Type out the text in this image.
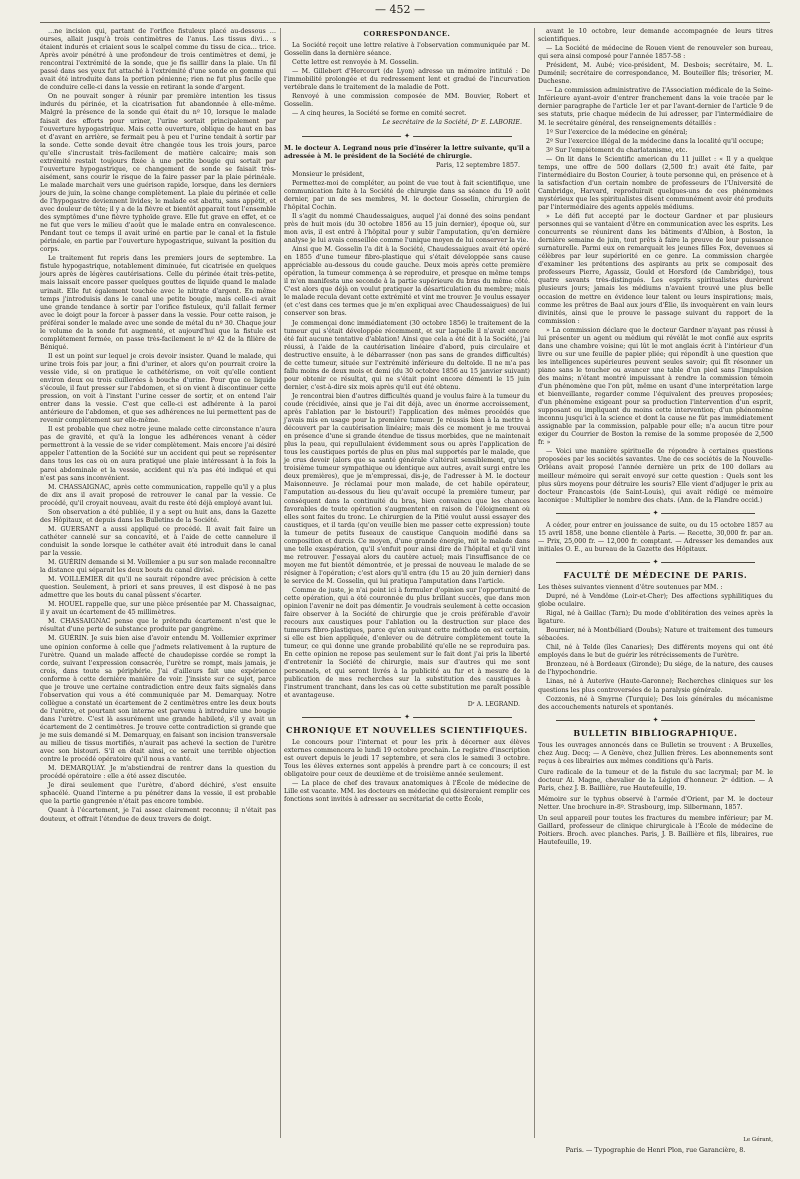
— 452 —

…ne incision qui, partant de l'orifice fistuleux placé au-dessous …ourses, allait jusqu'à trois centimètres de l'anus. Les tissus divi… s étaient indurés et criaient sous le scalpel comme du tissu de cica… trice. Après avoir pénétré à une profondeur de trois centimètres et demi, je rencontrai l'extrémité de la sonde, que je fis saillir dans la plaie. Un fil passé dans ses yeux fut attaché à l'extrémité d'une sonde en gomme qui avait été introduite dans la portion pénienne; rien ne fut plus facile que de conduire celle-ci dans la vessie en retirant la sonde d'argent.

On ne pouvait songer à réunir par première intention les tissus indurés du périnée, et la cicatrisation fut abandonnée à elle-même. Malgré la présence de la sonde qui était du nº 10, lorsque le malade faisait des efforts pour uriner, l'urine sortait principalement par l'ouverture hypogastrique. Mais cette ouverture, oblique de haut en bas et d'avant en arrière, se fermait peu à peu et l'urine tendait à sortir par la sonde. Cette sonde devait être changée tous les trois jours, parce qu'elle s'incrustait très-facilement de matière calcaire; mais son extrémité restait toujours fixée à une petite bougie qui sortait par l'ouverture hypogastrique, ce changement de sonde se faisait très-aisément, sans courir le risque de la faire passer par la plaie périnéale. Le malade marchait vers une guérison rapide, lorsque, dans les derniers jours de juin, la scène change complètement. La plaie du périnée et celle de l'hypogastre deviennent livides; le malade est abattu, sans appétit, et avec douleur de tête; il y a de la fièvre et bientôt apparait tout l'ensemble des symptômes d'une fièvre typhoïde grave. Elle fut grave en effet, et ce ne fut que vers le milieu d'août que le malade entra en convalescence. Pendant tout ce temps il avait uriné en partie par le canal et la fistule périnéale, en partie par l'ouverture hypogastrique, suivant la position du corps.

Le traitement fut repris dans les premiers jours de septembre. La fistule hypogastrique, notablement diminuée, fut cicatrisée en quelques jours après de légères cautérisations. Celle du périnée était très-petite, mais laissait encore passer quelques gouttes de liquide quand le malade urinait. Elle fut également touchée avec le nitrate d'argent. En même temps j'introduisis dans le canal une petite bougie, mais celle-ci avait une grande tendance à sortir par l'orifice fistuleux, qu'il fallait fermer avec le doigt pour la forcer à passer dans la vessie. Pour cette raison, je préférai sonder le malade avec une sonde de métal du nº 30. Chaque jour le volume de la sonde fut augmenté, et aujourd'hui que la fistule est complétement fermée, on passe très-facilement le nº 42 de la filière de Béniqué.

Il est un point sur lequel je crois devoir insister. Quand le malade, qui urine trois fois par jour, a fini d'uriner, et alors qu'on pourrait croire la vessie vide, si on pratique le cathétérisme, on voit qu'elle contient environ deux ou trois cuillerées à bouche d'urine. Pour que ce liquide s'écoule, il faut presser sur l'abdomen, et si on vient à discontinuer cette pression, on voit à l'instant l'urine cesser de sortir, et on entend l'air entrer dans la vessie. C'est que celle-ci est adhérente à la paroi antérieure de l'abdomen, et que ses adhérences ne lui permettent pas de revenir complètement sur elle-même.

Il est probable que chez notre jeune malade cette circonstance n'aura pas de gravité, et qu'à la longue les adhérences venant à céder permettront à la vessie de se vider complètement. Mais encore j'ai désiré appeler l'attention de la Société sur un accident qui peut se représenter dans tous les cas où on aura pratiqué une plaie intéressant à la fois la paroi abdominale et la vessie, accident qui n'a pas été indiqué et qui n'est pas sans inconvénient.

M. CHASSAIGNAC, après cette communication, rappelle qu'il y a plus de dix ans il avait proposé de retrouver le canal par la vessie. Ce procédé, qu'il croyait nouveau, avait du reste été déjà employé avant lui.

Son observation a été publiée, il y a sept ou huit ans, dans la Gazette des Hôpitaux, et depuis dans les Bulletins de la Société.

M. GUERSANT a aussi appliqué ce procédé. Il avait fait faire un cathéter cannelé sur sa concavité, et à l'aide de cette cannelure il conduisit la sonde lorsque le cathéter avait été introduit dans le canal par la vessie.

M. GUÉRIN demande si M. Voillemier a pu sur son malade reconnaître la distance qui séparait les deux bouts du canal divisé.

M. VOILLEMIER dit qu'il ne saurait répondre avec précision à cette question. Seulement, à priori et sans preuves, il est disposé à ne pas admettre que les bouts du canal pûssent s'écarter.

M. HOUEL rappelle que, sur une pièce présentée par M. Chassaignac, il y avait un écartement de 45 millimètres.

M. CHASSAIGNAC pense que le prétendu écartement n'est que le résultat d'une perte de substance produite par gangrène.

M. GUÉRIN. Je suis bien aise d'avoir entendu M. Voillemier exprimer une opinion conforme à celle que j'admets relativement à la rupture de l'urètre. Quand un malade affecté de chaudepisse cordée se rompt la corde, suivant l'expression consacrée, l'urètre se rompt, mais jamais, je crois, dans toute sa périphérie. J'ai d'ailleurs fait une expérience conforme à cette dernière manière de voir. J'insiste sur ce sujet, parce que je trouve une certaine contradiction entre deux faits signalés dans l'observation qui vous a été communiquée par M. Demarquay. Notre collègue a constaté un écartement de 2 centimètres entre les deux bouts de l'urètre, et pourtant son interne est parvenu à introduire une bougie dans l'urètre. C'est là assurément une grande habileté, s'il y avait un écartement de 2 centimètres. Je trouve cette contradiction si grande que je me suis demandé si M. Demarquay, en faisant son incision transversale au milieu de tissus mortifiés, n'aurait pas achevé la section de l'urètre avec son bistouri. S'il en était ainsi, ce serait une terrible objection contre le procédé opératoire qu'il nous a vanté.

M. DEMARQUAY. Je m'abstiendrai de rentrer dans la question du procédé opératoire : elle a été assez discutée.

Je dirai seulement que l'urètre, d'abord déchiré, s'est ensuite sphacélé. Quand l'interne a pu pénétrer dans la vessie, il est probable que la partie gangrenée n'était pas encore tombée.

Quant à l'écartement, je l'ai assez clairement reconnu; il n'était pas douteux, et offrait l'étendue de deux travers de doigt.

CORRESPONDANCE.

La Société reçoit une lettre relative à l'observation communiquée par M. Gosselin dans la dernière séance.

Cette lettre est renvoyée à M. Gosselin.

— M. Gillebert d'Hercourt (de Lyon) adresse un mémoire intitulé : De l'immobilité prolongée et du redressement lent et gradué de l'incurvation vertébrale dans le traitement de la maladie de Pott.

Renvoyé à une commission composée de MM. Bouvier, Robert et Gosselin.

— A cinq heures, la Société se forme en comité secret.

Le secrétaire de la Société, Dʳ E. LABORIE.

✦

M. le docteur A. Legrand nous prie d'insérer la lettre suivante, qu'il a adressée à M. le président de la Société de chirurgie.

Paris, 12 septembre 1857.

Monsieur le président,

Permettez-moi de compléter, au point de vue tout à fait scientifique, une communication faite à la Société de chirurgie dans sa séance du 19 août dernier, par un de ses membres, M. le docteur Gosselin, chirurgien de l'hôpital Cochin.

Il s'agit du nommé Chaudessaigues, auquel j'ai donné des soins pendant près de huit mois (du 30 octobre 1856 au 15 juin dernier), époque où, sur mon avis, il est entré à l'hôpital pour y subir l'amputation, qu'en dernière analyse je lui avais conseillée comme l'unique moyen de lui conserver la vie.

Ainsi que M. Gosselin l'a dit à la Société, Chaudessaigues avait été opéré en 1855 d'une tumeur fibro-plastique qui s'était développée sans cause appréciable au-dessous du coude gauche. Deux mois après cette première opération, la tumeur commença à se reproduire, et presque en même temps il m'en manifesta une seconde à la partie supérieure du bras du même côté. C'est alors que déjà on voulut pratiquer la désarticulation du membre; mais le malade recula devant cette extrémité et vint me trouver. Je voulus essayer (et c'est dans ces termes que je m'en expliquai avec Chaudessaigues) de lui conserver son bras.

Je commençai donc immédiatement (30 octobre 1856) le traitement de la tumeur qui s'était développée récemment, et sur laquelle il n'avait encore été fait aucune tentative d'ablation! Ainsi que cela a été dit à la Société, j'ai réussi, à l'aide de la cautérisation linéaire d'abord, puis circulaire et destructive ensuite, à le débarrasser (non pas sans de grandes difficultés) de cette tumeur, située sur l'extrémité inférieure du deltoïde. Il ne m'a pas fallu moins de deux mois et demi (du 30 octobre 1856 au 15 janvier suivant) pour obtenir ce résultat, qui ne s'était point encore démenti le 15 juin dernier, c'est-à-dire six mois après qu'il eut été obtenu.

Je rencontrai bien d'autres difficultés quand je voulus faire à la tumeur du coude (récidivée, ainsi que je l'ai dit déjà, avec un énorme accroissement, après l'ablation par le bistouri!) l'application des mêmes procédés que j'avais mis en usage pour la première tumeur. Je réussis bien à la mettre à découvert par la cautérisation linéaire; mais dès ce moment je me trouvai en présence d'une si grande étendue de tissus morbides, que ne maintenait plus la peau, qui repullulaient évidemment sous ou après l'application de tous les caustiques portés de plus en plus mal supportés par le malade, que je crus devoir (alors que sa santé générale s'altérait sensiblement, qu'une troisième tumeur sympathique ou identique aux autres, avait surgi entre les deux premières), que je m'empressai, dis-je, de l'adresser à M. le docteur Maisonneuve. Je réclamai pour mon malade, de cet habile opérateur, l'amputation au-dessous du lieu qu'avait occupé la première tumeur, par conséquent dans la continuité du bras, bien convaincu que les chances favorables de toute opération s'augmentent en raison de l'éloignement où elles sont faites du tronc. Le chirurgien de la Pitié voulut aussi essayer des caustiques, et il tarda (qu'on veuille bien me passer cette expression) toute la tumeur de petits fuseaux de caustique Canquoin modifié dans sa composition et durcis. Ce moyen, d'une grande énergie, mit le malade dans une telle exaspération, qu'il s'enfuit pour ainsi dire de l'hôpital et qu'il vint me retrouver. J'essayai alors du cautère actuel; mais l'insuffisance de ce moyen me fut bientôt démontrée, et je pressai de nouveau le malade de se résigner à l'opération; c'est alors qu'il entra (du 15 au 20 juin dernier) dans le service de M. Gosselin, qui lui pratiqua l'amputation dans l'article.

Comme de juste, je n'ai point ici à formuler d'opinion sur l'opportunité de cette opération, qui a été couronnée du plus brillant succès, que dans mon opinion l'avenir ne doit pas démentir. Je voudrais seulement à cette occasion faire observer à la Société de chirurgie que je crois préférable d'avoir recours aux caustiques pour l'ablation ou la destruction sur place des tumeurs fibro-plastiques, parce qu'en suivant cette méthode on est certain, si elle est bien appliquée, d'enlever ou de détruire complètement toute la tumeur, ce qui donne une grande probabilité qu'elle ne se reproduira pas. En cette opinion ne repose pas seulement sur le fait dont j'ai pris la liberté d'entretenir la Société de chirurgie, mais sur d'autres qui me sont personnels, et qui seront livrés à la publicité au fur et à mesure de la publication de mes recherches sur la substitution des caustiques à l'instrument tranchant, dans les cas où cette substitution me paraît possible et avantageuse.

Dʳ A. LEGRAND.

✦
CHRONIQUE ET NOUVELLES SCIENTIFIQUES.

Le concours pour l'internat et pour les prix à décerner aux élèves externes commencera le lundi 19 octobre prochain. Le registre d'inscription est ouvert depuis le jeudi 17 septembre, et sera clos le samedi 3 octobre. Tous les élèves externes sont appelés à prendre part à ce concours; il est obligatoire pour ceux de deuxième et de troisième année seulement.

— La place de chef des travaux anatomiques à l'École de médecine de Lille est vacante. MM. les docteurs en médecine qui désireraient remplir ces fonctions sont invités à adresser au secrétariat de cette École,

avant le 10 octobre, leur demande accompagnée de leurs titres scientifiques.

— La Société de médecine de Rouen vient de renouveler son bureau, qui sera ainsi composé pour l'année 1857-58 :

Président, M. Aubé; vice-président, M. Desbois; secrétaire, M. L. Duménil; secrétaire de correspondance, M. Bouteiller fils; trésorier, M. Duchesne.

— La commission administrative de l'Association médicale de la Seine-Inférieure ayant-avoir d'entrer franchement dans la voie tracée par le dernier paragraphe de l'article 1er et par l'avant-dernier de l'article 9 de ses statuts, prie chaque médecin de lui adresser, par l'intermédiaire de M. le secrétaire général, des renseignements détaillés :

1º Sur l'exercice de la médecine en général;

2º Sur l'exercice illégal de la médecine dans la localité qu'il occupe;

3º Sur l'empiétement du charlatanisme, etc.

— On lit dans le Scientific american du 11 juillet : « Il y a quelque temps, une offre de 500 dollars (2,500 fr.) avait été faite, par l'intermédiaire du Boston Courier, à toute personne qui, en présence et à la satisfaction d'un certain nombre de professeurs de l'Université de Cambridge, Harvard, reproduirait quelques-uns de ces phénomènes mystérieux que les spiritualistes disent communément avoir été produits par l'intermédiaire des agents appelés médiums.

» Le défi fut accepté par le docteur Gardner et par plusieurs personnes qui se vantaient d'être en communication avec les esprits. Les concurrents se réunirent dans les bâtiments d'Albion, à Boston, la dernière semaine de juin, tout prêts à faire la preuve de leur puissance surnaturelle. Parmi eux on remarquait les jeunes filles Fox, devenues si célèbres par leur supériorité en ce genre. La commission chargée d'examiner les prétentions des aspirants au prix se composait des professeurs Pierre, Agassiz, Gould et Horsford (de Cambridge), tous quatre savants très-distingués. Les esprits spiritualistes durèrent plusieurs jours; jamais les médiums n'avaient trouvé une plus belle occasion de mettre en évidence leur talent ou leurs inspirations; mais, comme les prêtres de Baal aux jours d'Élie, ils invoquèrent en vain leurs divinités, ainsi que le prouve le passage suivant du rapport de la commission :

» La commission déclare que le docteur Gardner n'ayant pas réussi à lui présenter un agent ou médium qui révélât le mot confié aux esprits dans une chambre voisine; qui lût le mot anglais écrit à l'intérieur d'un livre ou sur une feuille de papier pliée; qui répondît à une question que les intelligences supérieures peuvent seules savoir; qui fît résonner un piano sans le toucher ou avancer une table d'un pied sans l'impulsion des mains; n'étant montré impuissant à rendre la commission témoin d'un phénomène que l'on pût, même en usant d'une interprétation large et bienveillante, regarder comme l'équivalent des preuves proposées; d'un phénomène exigeant pour sa production l'intervention d'un esprit, supposant ou impliquant du moins cette intervention; d'un phénomène inconnu jusqu'ici à la science et dont la cause ne fût pas immédiatement assignable par la commission, palpable pour elle; n'a aucun titre pour exiger du Courrier de Boston la remise de la somme proposée de 2,500 fr. »

— Voici une manière spirituelle de répondre à certaines questions proposées par les sociétés savantes. Une de ces sociétés de la Nouvelle-Orléans avait proposé l'année dernière un prix de 100 dollars au meilleur mémoire qui serait envoyé sur cette question : Quels sont les plus sûrs moyens pour détruire les souris? Elle vient d'adjuger le prix au docteur Francastois (de Saint-Louis), qui avait rédigé ce mémoire laconique : Multiplier le nombre des chats. (Ann. de la Flandre occid.)

✦

A céder, pour entrer en jouissance de suite, ou du 15 octobre 1857 au 15 avril 1858, une bonne clientèle à Paris. — Recette, 30,000 fr. par an. — Prix, 25,000 fr. — 12,000 fr. comptant. — Adresser les demandes aux initiales O. E., au bureau de la Gazette des Hôpitaux.

✦
FACULTÉ DE MÉDECINE DE PARIS.

Les thèses suivantes viennent d'être soutenues par MM. :

Dupré, né à Vendôme (Loir-et-Cher); Des affections syphilitiques du globe oculaire.

Rigal, né à Gaillac (Tarn); Du mode d'oblitération des veines après la ligature.

Bournier, né à Montbéliard (Doubs); Nature et traitement des tumeurs sébacées.

Chil, né à Telde (îles Canaries); Des différents moyens qui ont été employés dans le but de guérir les rétrécissements de l'urètre.

Bronzeau, né à Bordeaux (Gironde); Du siége, de la nature, des causes de l'hypochondrie.

Linas, né à Auterive (Haute-Garonne); Recherches cliniques sur les questions les plus controversées de la paralysie générale.

Cozzonis, né à Smyrne (Turquie); Des lois générales du mécanisme des accouchements naturels et spontanés.

✦
BULLETIN BIBLIOGRAPHIQUE.

Tous les ouvrages annoncés dans ce Bulletin se trouvent : A Bruxelles, chez Aug. Decq; — A Genève, chez Jullien frères. Les abonnements sont reçus à ces librairies aux mêmes conditions qu'à Paris.

Cure radicale de la tumeur et de la fistule du sac lacrymal; par M. le docteur Al. Magne, chevalier de la Légion d'honneur. 2ᵉ édition. — A Paris, chez J. B. Baillière, rue Hautefeuille, 19.

Mémoire sur le typhus observé à l'armée d'Orient, par M. le docteur Netter. Une brochure in-8º. Strasbourg, imp. Silbermann, 1857.

Un seul appareil pour toutes les fractures du membre inférieur; par M. Gaillard, professeur de clinique chirurgicale à l'École de médecine de Poitiers. Broch. avec planches. Paris, J. B. Baillière et fils, libraires, rue Hautefeuille, 19.

Le Gérant,
Paris. — Typographie de Henri Plon, rue Garancière, 8.
